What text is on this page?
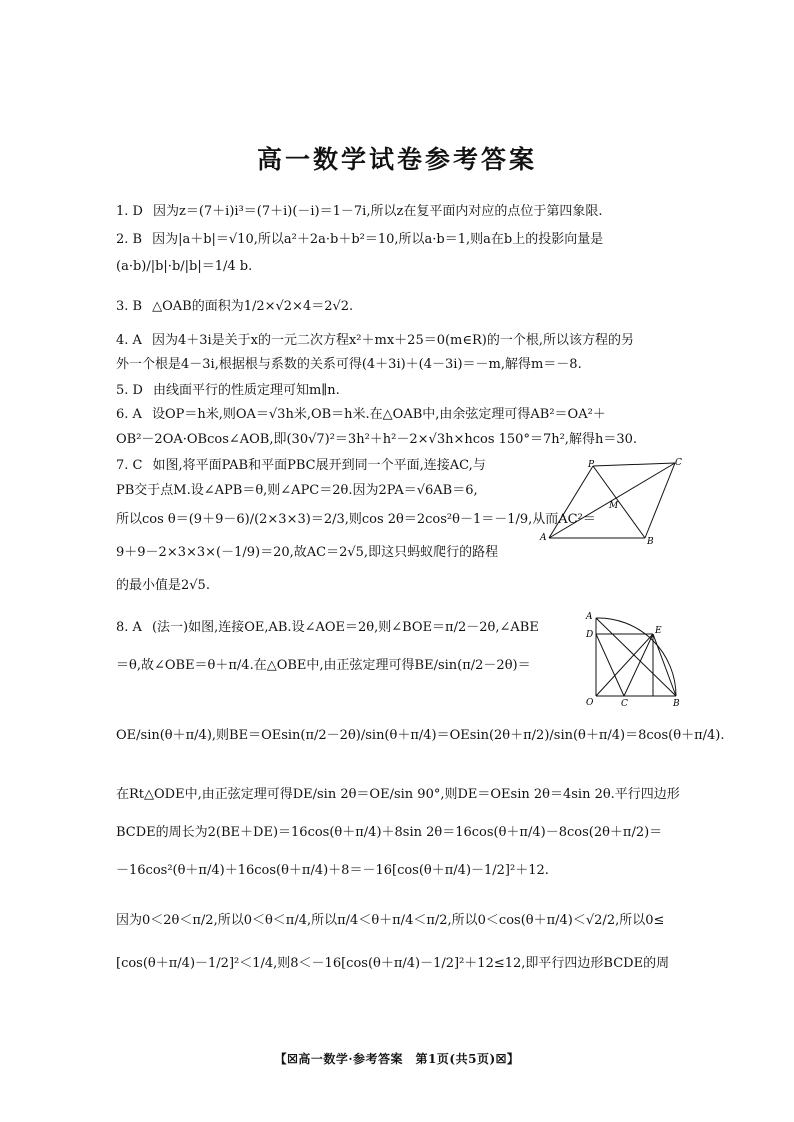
高一数学试卷参考答案
1. D 因为z＝(7＋i)i³＝(7＋i)(－i)＝1－7i,所以z在复平面内对应的点位于第四象限.
2. B 因为|a＋b|＝√10,所以a²＋2a·b＋b²＝10,所以a·b＝1,则a在b上的投影向量是
(a·b)/|b|·b/|b|＝1/4 b.
3. B △OAB的面积为1/2×√2×4＝2√2.
4. A 因为4＋3i是关于x的一元二次方程x²＋mx＋25＝0(m∈R)的一个根,所以该方程的另
外一个根是4－3i,根据根与系数的关系可得(4＋3i)＋(4－3i)＝－m,解得m＝－8.
5. D 由线面平行的性质定理可知m∥n.
6. A 设OP＝h米,则OA＝√3h米,OB＝h米.在△OAB中,由余弦定理可得AB²＝OA²＋
OB²－2OA·OBcos∠AOB,即(30√7)²＝3h²＋h²－2×√3h×hcos 150°＝7h²,解得h＝30.
7. C 如图,将平面PAB和平面PBC展开到同一个平面,连接AC,与
PB交于点M.设∠APB＝θ,则∠APC＝2θ.因为2PA＝√6AB＝6,
所以cos θ＝(9＋9－6)/(2×3×3)＝2/3,则cos 2θ＝2cos²θ－1＝－1/9,从而AC²＝
9＋9－2×3×3×(－1/9)＝20,故AC＝2√5,即这只蚂蚁爬行的路程
的最小值是2√5.
P	C
M
A	B
8. A (法一)如图,连接OE,AB.设∠AOE＝2θ,则∠BOE＝π/2－2θ,∠ABE
＝θ,故∠OBE＝θ＋π/4.在△OBE中,由正弦定理可得BE/sin(π/2－2θ)＝
OE/sin(θ＋π/4),则BE＝OEsin(π/2－2θ)/sin(θ＋π/4)＝OEsin(2θ＋π/2)/sin(θ＋π/4)＝8cos(θ＋π/4).
在Rt△ODE中,由正弦定理可得DE/sin 2θ＝OE/sin 90°,则DE＝OEsin 2θ＝4sin 2θ.平行四边形
BCDE的周长为2(BE＋DE)＝16cos(θ＋π/4)＋8sin 2θ＝16cos(θ＋π/4)－8cos(2θ＋π/2)＝
－16cos²(θ＋π/4)＋16cos(θ＋π/4)＋8＝－16[cos(θ＋π/4)－1/2]²＋12.
因为0＜2θ＜π/2,所以0＜θ＜π/4,所以π/4＜θ＋π/4＜π/2,所以0＜cos(θ＋π/4)＜√2/2,所以0≤
[cos(θ＋π/4)－1/2]²＜1/4,则8＜－16[cos(θ＋π/4)－1/2]²＋12≤12,即平行四边形BCDE的周
A
D	E
O	C	B
【☒高一数学·参考答案　第1页(共5页)☒】
